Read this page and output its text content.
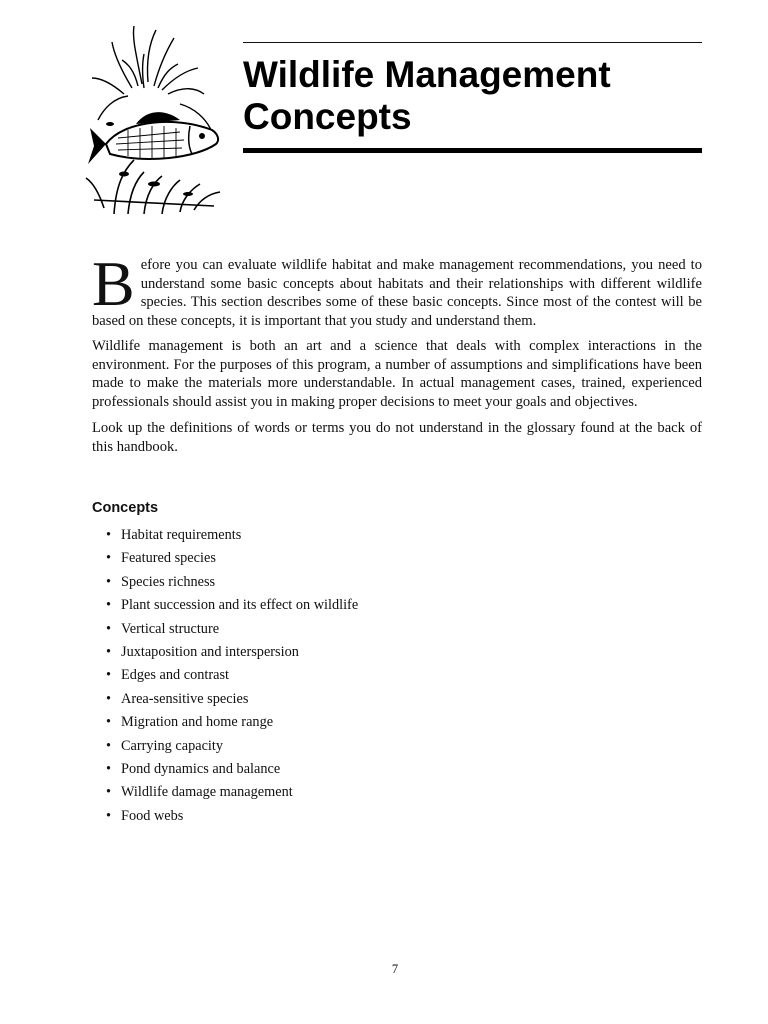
Wildlife Management Concepts

Before you can evaluate wildlife habitat and make management recommendations, you need to understand some basic concepts about habitats and their relationships with different wildlife species. This section describes some of these basic concepts. Since most of the contest will be based on these concepts, it is important that you study and understand them.

Wildlife management is both an art and a science that deals with complex interactions in the environment. For the purposes of this program, a number of assumptions and simplifications have been made to make the materials more understandable. In actual management cases, trained, experienced professionals should assist you in making proper decisions to meet your goals and objectives.

Look up the definitions of words or terms you do not understand in the glossary found at the back of this handbook.

Concepts
• Habitat requirements
• Featured species
• Species richness
• Plant succession and its effect on wildlife
• Vertical structure
• Juxtaposition and interspersion
• Edges and contrast
• Area-sensitive species
• Migration and home range
• Carrying capacity
• Pond dynamics and balance
• Wildlife damage management
• Food webs
7
